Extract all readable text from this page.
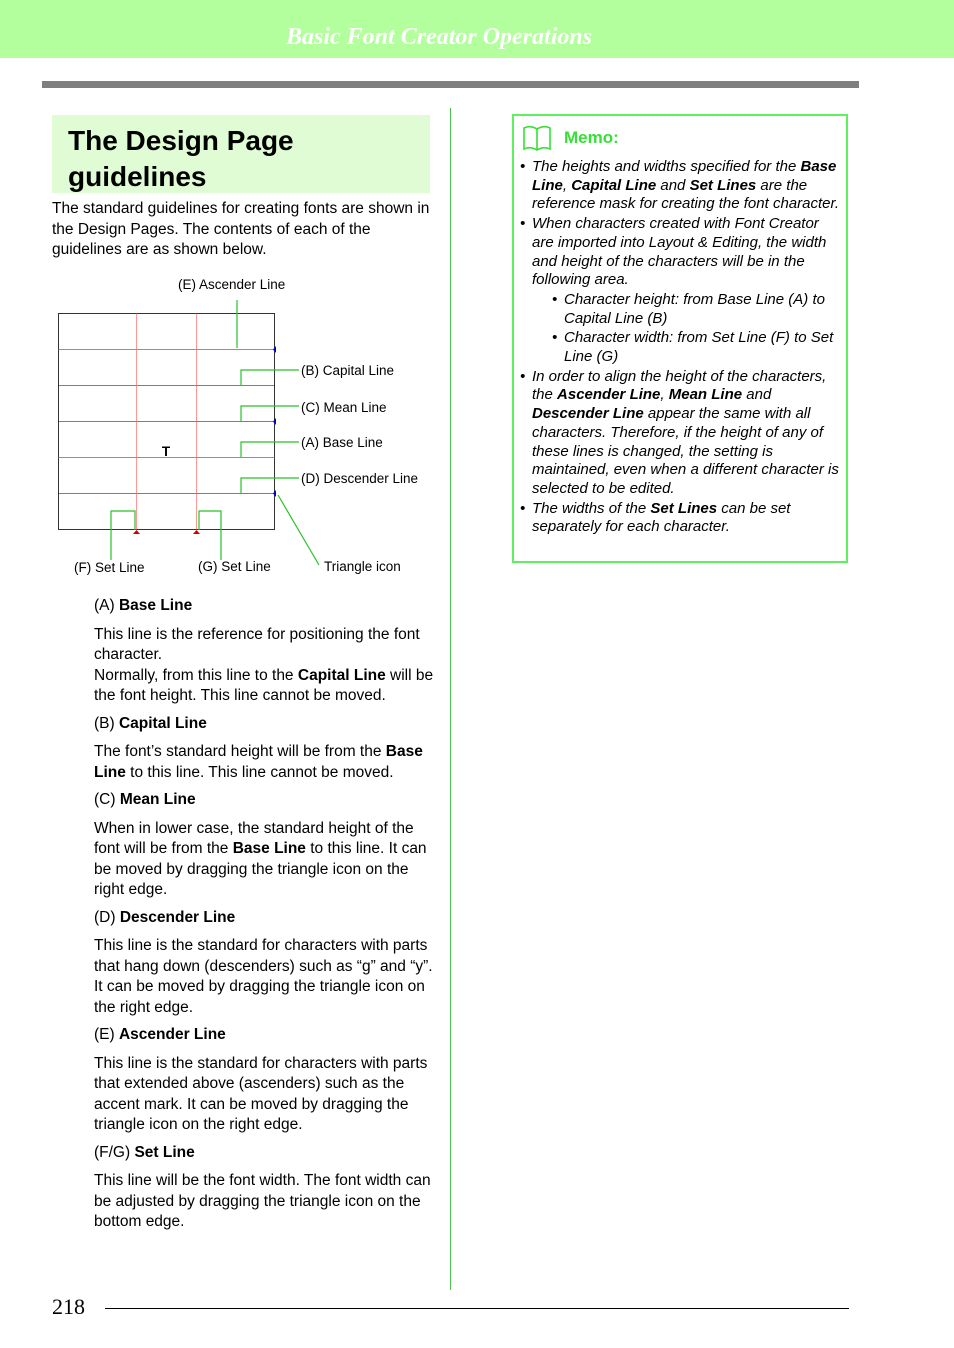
Basic Font Creator Operations
The Design Page
guidelines

The standard guidelines for creating fonts are shown in the Design Pages. The contents of each of the guidelines are as shown below.

T
(E) Ascender Line
(B) Capital Line
(C) Mean Line
(A) Base Line
(D) Descender Line
(F) Set Line	(G) Set Line	Triangle icon

(A) Base Line

This line is the reference for positioning the font character.
Normally, from this line to the Capital Line will be the font height. This line cannot be moved.

(B) Capital Line

The font’s standard height will be from the Base Line to this line. This line cannot be moved.

(C) Mean Line

When in lower case, the standard height of the font will be from the Base Line to this line. It can be moved by dragging the triangle icon on the right edge.

(D) Descender Line

This line is the standard for characters with parts that hang down (descenders) such as “g” and “y”. It can be moved by dragging the triangle icon on the right edge.

(E) Ascender Line

This line is the standard for characters with parts that extended above (ascenders) such as the accent mark. It can be moved by dragging the triangle icon on the right edge.

(F/G) Set Line

This line will be the font width. The font width can be adjusted by dragging the triangle icon on the bottom edge.

Memo:
• The heights and widths specified for the Base Line, Capital Line and Set Lines are the reference mask for creating the font character.
• When characters created with Font Creator are imported into Layout & Editing, the width and height of the characters will be in the following area.
• Character height: from Base Line (A) to Capital Line (B)
• Character width: from Set Line (F) to Set Line (G)
• In order to align the height of the characters, the Ascender Line, Mean Line and Descender Line appear the same with all characters. Therefore, if the height of any of these lines is changed, the setting is maintained, even when a different character is selected to be edited.
• The widths of the Set Lines can be set separately for each character.
218
